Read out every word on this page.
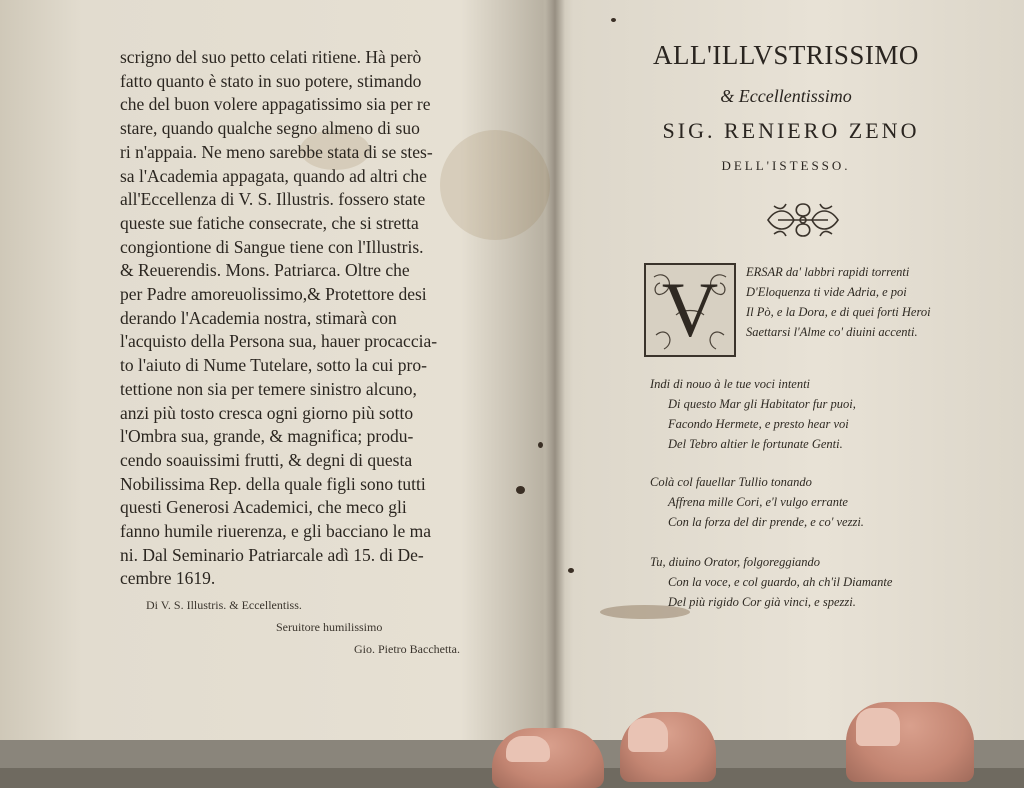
scrigno del suo petto celati ritiene. Hà però
fatto quanto è stato in suo potere, stimando
che del buon volere appagatissimo sia per re
stare, quando qualche segno almeno di suo
ri n'appaia. Ne meno sarebbe stata di se stes-
sa l'Academia appagata, quando ad altri che
all'Eccellenza di V. S. Illustris. fossero state
queste sue fatiche consecrate, che si stretta
congiontione di Sangue tiene con l'Illustris.
& Reuerendis. Mons. Patriarca. Oltre che
per Padre amoreuolissimo,& Protettore desi
derando l'Academia nostra, stimarà con
l'acquisto della Persona sua, hauer procaccia-
to l'aiuto di Nume Tutelare, sotto la cui pro-
tettione non sia per temere sinistro alcuno,
anzi più tosto cresca ogni giorno più sotto
l'Ombra sua, grande, & magnifica; produ-
cendo soauissimi frutti, & degni di questa
Nobilissima Rep. della quale figli sono tutti
questi Generosi Academici, che meco gli
fanno humile riuerenza, e gli bacciano le ma
ni. Dal Seminario Patriarcale adì 15. di De-
cembre 1619.
Di V. S. Illustris. & Eccellentiss.
Seruitore humilissimo
Gio. Pietro Bacchetta.
ALL'ILLVSTRISSIMO
& Eccellentissimo
SIG. RENIERO ZENO
DELL'ISTESSO.
V	ERSAR da' labbri rapidi torrenti
D'Eloquenza ti vide Adria, e poi
Il Pò, e la Dora, e di quei forti Heroi
Saettarsi l'Alme co' diuini accenti.
Indi di nouo à le tue voci intenti
Di questo Mar gli Habitator fur puoi,
Facondo Hermete, e presto hear voi
Del Tebro altier le fortunate Genti.
Colà col fauellar Tullio tonando
Affrena mille Cori, e'l vulgo errante
Con la forza del dir prende, e co' vezzi.
Tu, diuino Orator, folgoreggiando
Con la voce, e col guardo, ah ch'il Diamante
Del più rigido Cor già vinci, e spezzi.
